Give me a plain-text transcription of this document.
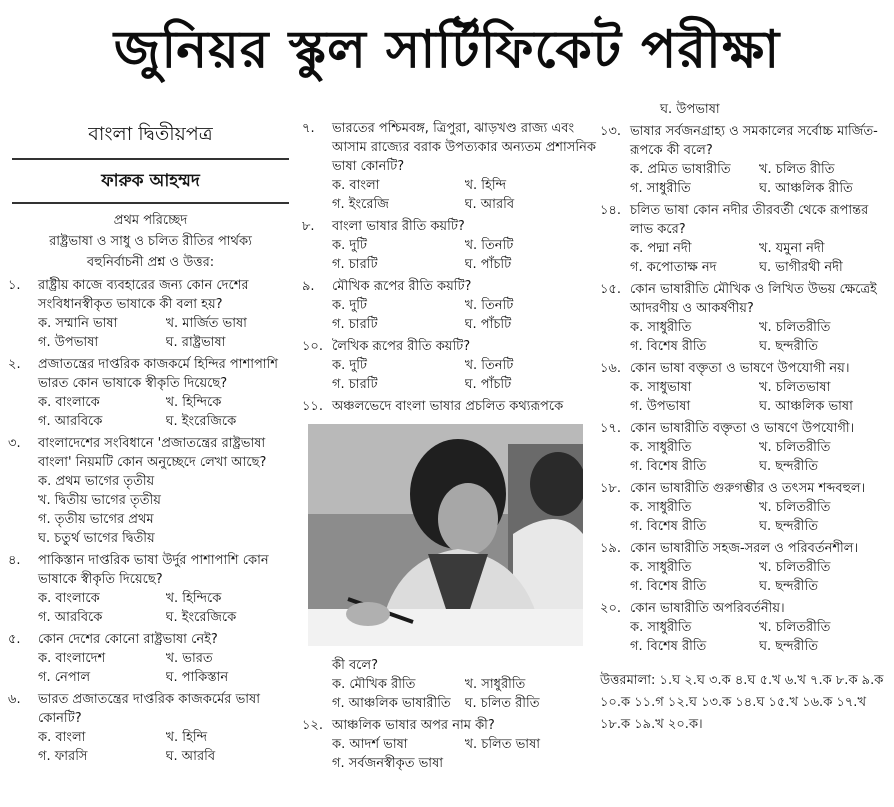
জুনিয়র স্কুল সার্টিফিকেট পরীক্ষা
বাংলা দ্বিতীয়পত্র
ফারুক আহম্মদ
প্রথম পরিচ্ছেদ
রাষ্ট্রভাষা ও সাধু ও চলিত রীতির পার্থক্য
বহুনির্বাচনী প্রশ্ন ও উত্তর:
১.	রাষ্ট্রীয় কাজে ব্যবহারের জন্য কোন দেশের সংবিধানস্বীকৃত ভাষাকে কী বলা হয়?
ক. সম্মানি ভাষা	খ. মার্জিত ভাষা
গ. উপভাষা	ঘ. রাষ্ট্রভাষা
২.	প্রজাতন্ত্রের দাপ্তরিক কাজকর্মে হিন্দির পাশাপাশি ভারত কোন ভাষাকে স্বীকৃতি দিয়েছে?
ক. বাংলাকে	খ. হিন্দিকে
গ. আরবিকে	ঘ. ইংরেজিকে
৩.	বাংলাদেশের সংবিধানে 'প্রজাতন্ত্রের রাষ্ট্রভাষা বাংলা' নিয়মটি কোন অনুচ্ছেদে লেখা আছে?
ক. প্রথম ভাগের তৃতীয়
খ. দ্বিতীয় ভাগের তৃতীয়
গ. তৃতীয় ভাগের প্রথম
ঘ. চতুর্থ ভাগের দ্বিতীয়
৪.	পাকিস্তান দাপ্তরিক ভাষা উর্দুর পাশাপাশি কোন ভাষাকে স্বীকৃতি দিয়েছে?
ক. বাংলাকে	খ. হিন্দিকে
গ. আরবিকে	ঘ. ইংরেজিকে
৫.	কোন দেশের কোনো রাষ্ট্রভাষা নেই?
ক. বাংলাদেশ	খ. ভারত
গ. নেপাল	ঘ. পাকিস্তান
৬.	ভারত প্রজাতন্ত্রের দাপ্তরিক কাজকর্মের ভাষা কোনটি?
ক. বাংলা	খ. হিন্দি
গ. ফারসি	ঘ. আরবি
৭.	ভারতের পশ্চিমবঙ্গ, ত্রিপুরা, ঝাড়খণ্ড রাজ্য এবং আসাম রাজ্যের বরাক উপত্যকার অন্যতম প্রশাসনিক ভাষা কোনটি?
ক. বাংলা	খ. হিন্দি
গ. ইংরেজি	ঘ. আরবি
৮.	বাংলা ভাষার রীতি কয়টি?
ক. দুটি	খ. তিনটি
গ. চারটি	ঘ. পাঁচটি
৯.	মৌখিক রূপের রীতি কয়টি?
ক. দুটি	খ. তিনটি
গ. চারটি	ঘ. পাঁচটি
১০. লৈখিক রূপের রীতি কয়টি?
ক. দুটি	খ. তিনটি
গ. চারটি	ঘ. পাঁচটি
১১. অঞ্চলভেদে বাংলা ভাষার প্রচলিত কথ্যরূপকে
কী বলে?
ক. মৌখিক রীতি	খ. সাধুরীতি
গ. আঞ্চলিক ভাষারীতি	ঘ. চলিত রীতি
১২. আঞ্চলিক ভাষার অপর নাম কী?
ক. আদর্শ ভাষা	খ. চলিত ভাষা
গ. সর্বজনস্বীকৃত ভাষা
ঘ. উপভাষা
১৩. ভাষার সর্বজনগ্রাহ্য ও সমকালের সর্বোচ্চ মার্জিত-রূপকে কী বলে?
ক. প্রমিত ভাষারীতি	খ. চলিত রীতি
গ. সাধুরীতি	ঘ. আঞ্চলিক রীতি
১৪. চলিত ভাষা কোন নদীর তীরবর্তী থেকে রূপান্তর লাভ করে?
ক. পদ্মা নদী	খ. যমুনা নদী
গ. কপোতাক্ষ নদ	ঘ. ভাগীরথী নদী
১৫. কোন ভাষারীতি মৌখিক ও লিখিত উভয় ক্ষেত্রেই আদরণীয় ও আকর্ষণীয়?
ক. সাধুরীতি	খ. চলিতরীতি
গ. বিশেষ রীতি	ঘ. ছন্দরীতি
১৬. কোন ভাষা বক্তৃতা ও ভাষণে উপযোগী নয়।
ক. সাধুভাষা	খ. চলিতভাষা
গ. উপভাষা	ঘ. আঞ্চলিক ভাষা
১৭. কোন ভাষারীতি বক্তৃতা ও ভাষণে উপযোগী।
ক. সাধুরীতি	খ. চলিতরীতি
গ. বিশেষ রীতি	ঘ. ছন্দরীতি
১৮. কোন ভাষারীতি গুরুগম্ভীর ও তৎসম শব্দবহুল।
ক. সাধুরীতি	খ. চলিতরীতি
গ. বিশেষ রীতি	ঘ. ছন্দরীতি
১৯. কোন ভাষারীতি সহজ-সরল ও পরিবর্তনশীল।
ক. সাধুরীতি	খ. চলিতরীতি
গ. বিশেষ রীতি	ঘ. ছন্দরীতি
২০. কোন ভাষারীতি অপরিবর্তনীয়।
ক. সাধুরীতি	খ. চলিতরীতি
গ. বিশেষ রীতি	ঘ. ছন্দরীতি
উত্তরমালা: ১.ঘ ২.ঘ ৩.ক ৪.ঘ ৫.খ ৬.খ ৭.ক ৮.ক ৯.ক ১০.ক ১১.গ ১২.ঘ ১৩.ক ১৪.ঘ ১৫.খ ১৬.ক ১৭.খ ১৮.ক ১৯.খ ২০.ক।
